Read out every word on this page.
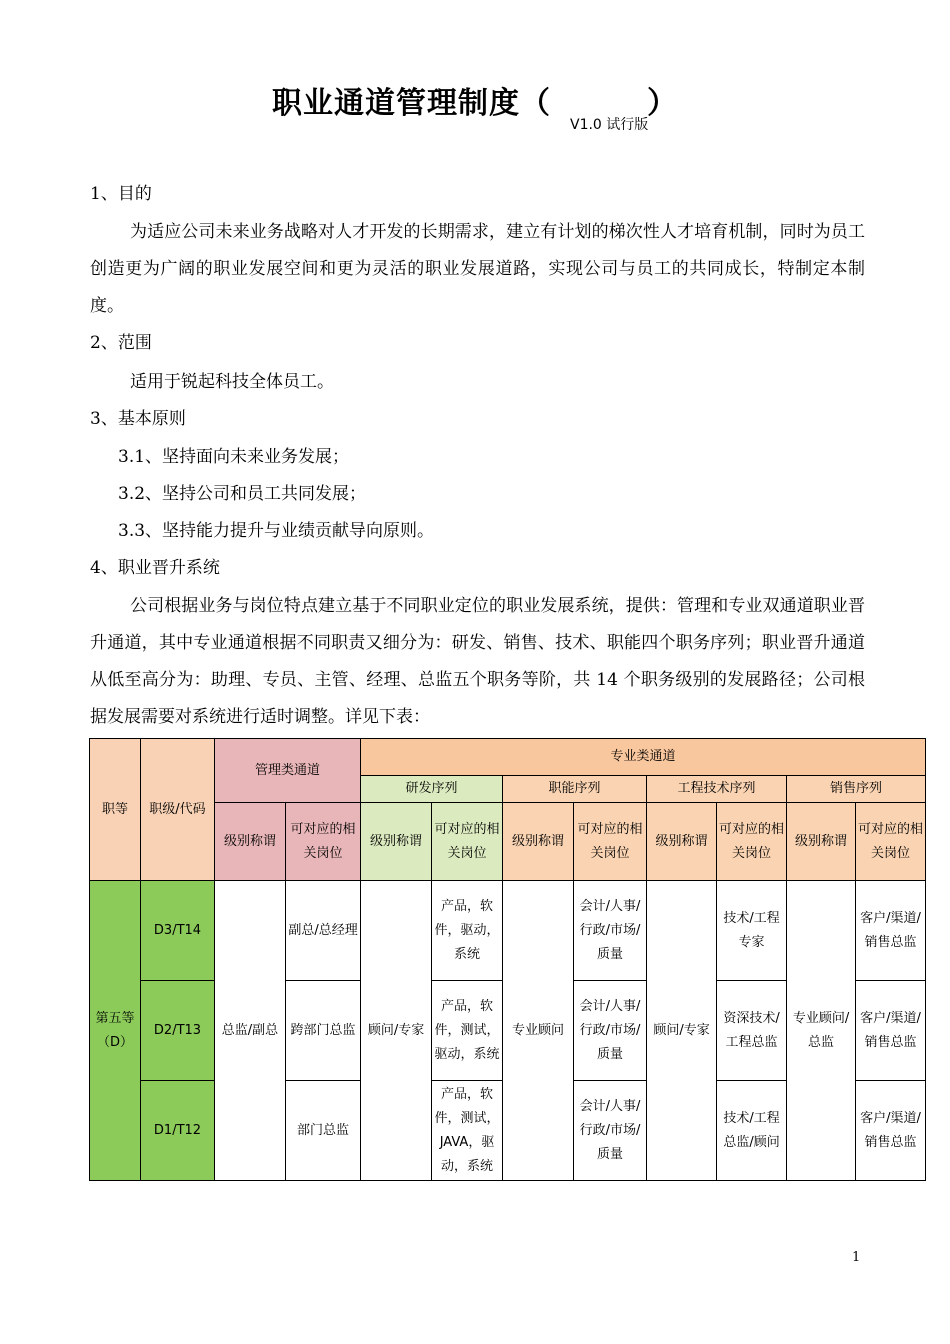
职业通道管理制度（	）
V1.0 试行版

1、目的

为适应公司未来业务战略对人才开发的长期需求，建立有计划的梯次性人才培育机制，同时为员工创造更为广阔的职业发展空间和更为灵活的职业发展道路，实现公司与员工的共同成长，特制定本制度。

2、范围

适用于锐起科技全体员工。

3、基本原则

3.1、坚持面向未来业务发展；

3.2、坚持公司和员工共同发展；

3.3、坚持能力提升与业绩贡献导向原则。

4、职业晋升系统

公司根据业务与岗位特点建立基于不同职业定位的职业发展系统，提供：管理和专业双通道职业晋升通道，其中专业通道根据不同职责又细分为：研发、销售、技术、职能四个职务序列；职业晋升通道从低至高分为：助理、专员、主管、经理、总监五个职务等阶，共 14 个职务级别的发展路径；公司根据发展需要对系统进行适时调整。详见下表：

职等	职级/代码	管理类通道		专业类通道							
				研发序列		职能序列		工程技术序列		销售序列	
		级别称谓	可对应的相关岗位	级别称谓	可对应的相关岗位	级别称谓	可对应的相关岗位	级别称谓	可对应的相关岗位	级别称谓	可对应的相关岗位
第五等（D）	D3/T14	总监/副总	副总/总经理	顾问/专家	产品，软件，驱动，系统	专业顾问	会计/人事/行政/市场/质量	顾问/专家	技术/工程专家	专业顾问/总监	客户/渠道/销售总监
	D2/T13		跨部门总监		产品，软件，测试，驱动，系统		会计/人事/行政/市场/质量		资深技术/工程总监		客户/渠道/销售总监
	D1/T12		部门总监		产品，软件，测试，JAVA，驱动，系统		会计/人事/行政/市场/质量		技术/工程总监/顾问		客户/渠道/销售总监
1
